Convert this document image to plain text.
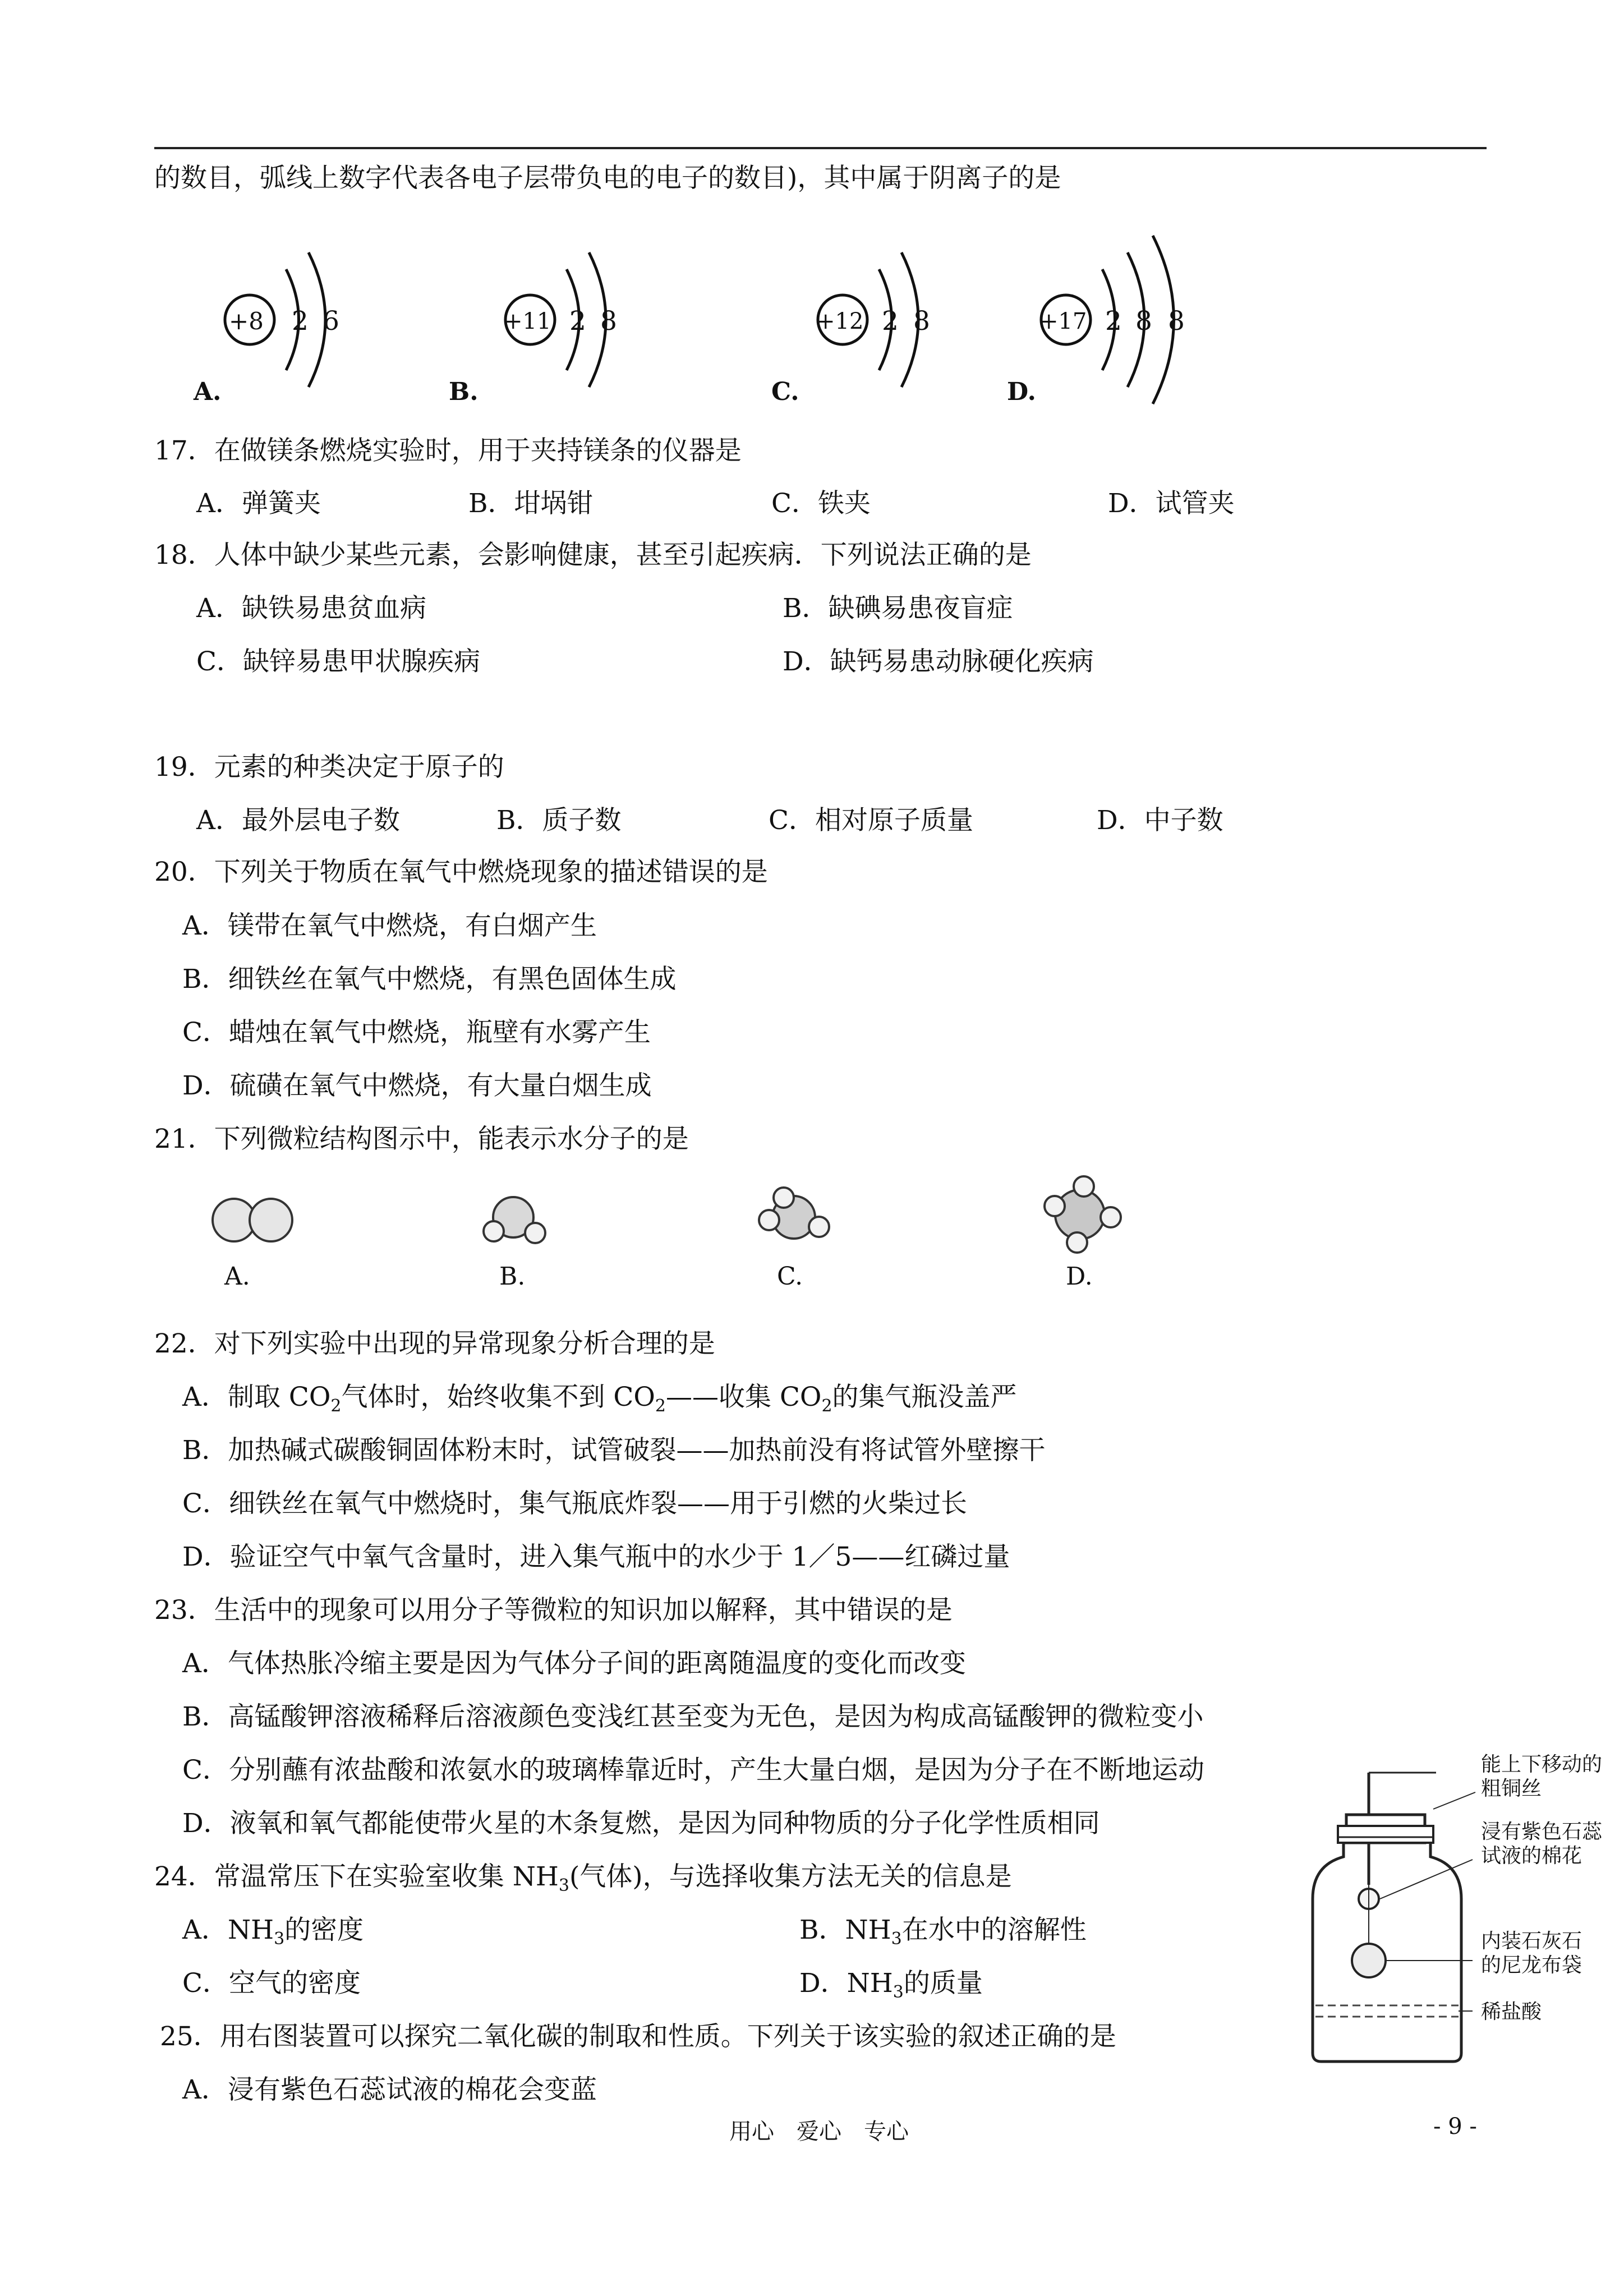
的数目，弧线上数字代表各电子层带负电的电子的数目)，其中属于阴离子的是
+8 2 6
A.
+11 2 8
B.
+12 2 8
C.
+17 2 8 8
D.
17．在做镁条燃烧实验时，用于夹持镁条的仪器是
A．弹簧夹	B．坩埚钳	C．铁夹	D．试管夹
18．人体中缺少某些元素，会影响健康，甚至引起疾病．下列说法正确的是
A．缺铁易患贫血病	B．缺碘易患夜盲症
C．缺锌易患甲状腺疾病	D．缺钙易患动脉硬化疾病
19．元素的种类决定于原子的
A．最外层电子数	B．质子数	C．相对原子质量	D．中子数
20．下列关于物质在氧气中燃烧现象的描述错误的是
A．镁带在氧气中燃烧，有白烟产生
B．细铁丝在氧气中燃烧，有黑色固体生成
C．蜡烛在氧气中燃烧，瓶壁有水雾产生
D．硫磺在氧气中燃烧，有大量白烟生成
21．下列微粒结构图示中，能表示水分子的是
A.	B.	C.	D.
22．对下列实验中出现的异常现象分析合理的是
A．制取 $CO_2$气体时，始终收集不到 $CO_2——$收集 $CO_2$的集气瓶没盖严
B．加热碱式碳酸铜固体粉末时，试管破裂——加热前没有将试管外壁擦干
C．细铁丝在氧气中燃烧时，集气瓶底炸裂——用于引燃的火柴过长
D．验证空气中氧气含量时，进入集气瓶中的水少于 1／5——红磷过量
23．生活中的现象可以用分子等微粒的知识加以解释，其中错误的是
A．气体热胀冷缩主要是因为气体分子间的距离随温度的变化而改变
B．高锰酸钾溶液稀释后溶液颜色变浅红甚至变为无色，是因为构成高锰酸钾的微粒变小
C．分别蘸有浓盐酸和浓氨水的玻璃棒靠近时，产生大量白烟，是因为分子在不断地运动
D．液氧和氧气都能使带火星的木条复燃，是因为同种物质的分子化学性质相同
24．常温常压下在实验室收集 $NH_3$(气体)，与选择收集方法无关的信息是
A．$NH_3$的密度	B．$NH_3$在水中的溶解性
C．空气的密度	D．$NH_3$的质量
25．用右图装置可以探究二氧化碳的制取和性质。下列关于该实验的叙述正确的是
A．浸有紫色石蕊试液的棉花会变蓝
能上下移动的
粗铜丝
浸有紫色石蕊
试液的棉花
内装石灰石
的尼龙布袋
稀盐酸
用心　爱心　专心	- 9 -
